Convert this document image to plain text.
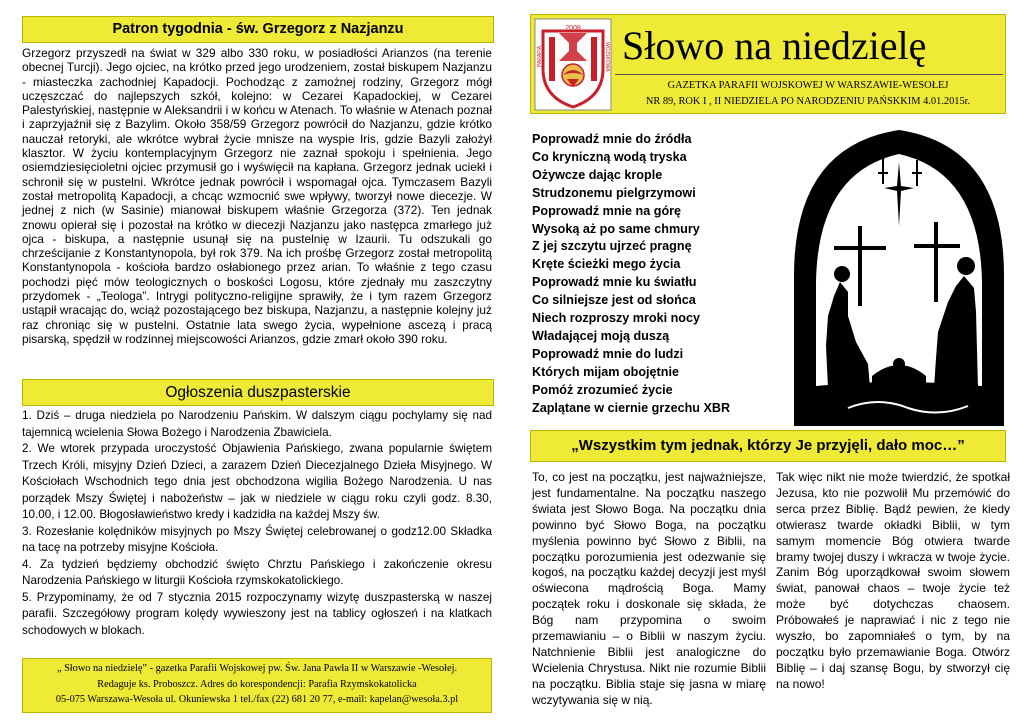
Patron tygodnia - św. Grzegorz z Nazjanzu
Grzegorz przyszedł na świat w 329 albo 330 roku, w posiadłości Arianzos (na terenie obecnej Turcji). Jego ojciec, na krótko przed jego urodzeniem, został biskupem Nazjanzu - miasteczka zachodniej Kapadocji. Pochodząc z zamożnej rodziny, Grzegorz mógł uczęszczać do najlepszych szkół, kolejno: w Cezarei Kapadockiej, w Cezarei Palestyńskiej, następnie w Aleksandrii i w końcu w Atenach. To właśnie w Atenach poznał i zaprzyjaźnił się z Bazylim. Około 358/59 Grzegorz powrócił do Nazjanzu, gdzie krótko nauczał retoryki, ale wkrótce wybrał życie mnisze na wyspie Iris, gdzie Bazyli założył klasztor. W życiu kontemplacyjnym Grzegorz nie zaznał spokoju i spełnienia. Jego osiemdziesięcioletni ojciec przymusił go i wyświęcił na kapłana. Grzegorz jednak uciekł i schronił się w pustelni. Wkrótce jednak powrócił i wspomagał ojca. Tymczasem Bazyli został metropolitą Kapadocji, a chcąc wzmocnić swe wpływy, tworzył nowe diecezje. W jednej z nich (w Sasinie) mianował biskupem właśnie Grzegorza (372). Ten jednak znowu opierał się i pozostał na krótko w diecezji Nazjanzu jako następca zmarłego już ojca - biskupa, a następnie usunął się na pustelnię w Izaurii. Tu odszukali go chrześcijanie z Konstantynopola, był rok 379. Na ich prośbę Grzegorz został metropolitą Konstantynopola - kościoła bardzo osłabionego przez arian. To właśnie z tego czasu pochodzi pięć mów teologicznych o boskości Logosu, które zjednały mu zaszczytny przydomek - „Teologa”. Intrygi polityczno-religijne sprawiły, że i tym razem Grzegorz ustąpił wracając do, wciąż pozostającego bez biskupa, Nazjanzu, a następnie kolejny już raz chroniąc się w pustelni. Ostatnie lata swego życia, wypełnione ascezą i pracą pisarską, spędził w rodzinnej miejscowości Arianzos, gdzie zmarł około 390 roku.
Ogłoszenia duszpasterskie

1. Dziś – druga niedziela po Narodzeniu Pańskim. W dalszym ciągu pochylamy się nad tajemnicą wcielenia Słowa Bożego i Narodzenia Zbawiciela.

2. We wtorek przypada uroczystość Objawienia Pańskiego, zwana popularnie świętem Trzech Króli, misyjny Dzień Dzieci, a zarazem Dzień Diecezjalnego Dzieła Misyjnego. W Kościołach Wschodnich tego dnia jest obchodzona wigilia Bożego Narodzenia. U nas porządek Mszy Świętej i nabożeństw – jak w niedziele w ciągu roku czyli godz. 8.30, 10.00, i 12.00. Błogosławieństwo kredy i kadzidła na każdej Mszy św.

3. Rozesłanie kolędników misyjnych po Mszy Świętej celebrowanej o godz12.00 Składka na tacę na potrzeby misyjne Kościoła.

4. Za tydzień będziemy obchodzić święto Chrztu Pańskiego i zakończenie okresu Narodzenia Pańskiego w liturgii Kościoła rzymskokatolickiego.

5. Przypominamy, że od 7 stycznia 2015 rozpoczynamy wizytę duszpasterską w naszej parafii. Szczegółowy program kolędy wywieszony jest na tablicy ogłoszeń i na klatkach schodowych w blokach.

„ Słowo na niedzielę” - gazetka Parafii Wojskowej pw. Św. Jana Pawła II w Warszawie -Wesołej.
Redaguje ks. Proboszcz. Adres do korespondencji: Parafia Rzymskokatolicka
05-075 Warszawa-Wesoła ul. Okuniewska 1 tel./fax (22) 681 20 77, e-mail: kapelan@wesoła.3.pl
2008
PARAFIA	WOJSKOWA Słowo na niedzielę
GAZETKA PARAFII WOJSKOWEJ W WARSZAWIE-WESOŁEJ
NR 89, ROK I , II NIEDZIELA PO NARODZENIU PAŃSKKIM 4.01.2015r.
Poprowadź mnie do źródła
Co kryniczną wodą tryska
Ożywcze dając krople
Strudzonemu pielgrzymowi
Poprowadź mnie na górę
Wysoką aż po same chmury
Z jej szczytu ujrzeć pragnę
Kręte ścieżki mego życia
Poprowadź mnie ku światłu
Co silniejsze jest od słońca
Niech rozproszy mroki nocy
Władającej moją duszą
Poprowadź mnie do ludzi
Których mijam obojętnie
Pomóż zrozumieć życie
Zaplątane w ciernie grzechu XBR
„Wszystkim tym jednak, którzy Je przyjęli, dało moc…”
To, co jest na początku, jest najważniejsze, jest fundamentalne. Na początku naszego świata jest Słowo Boga. Na początku dnia powinno być Słowo Boga, na początku myślenia powinno być Słowo z Biblii, na początku porozumienia jest odezwanie się kogoś, na początku każdej decyzji jest myśl oświecona mądrością Boga. Mamy początek roku i doskonale się składa, że Bóg nam przypomina o swoim przemawianiu – o Biblii w naszym życiu. Natchnienie Biblii jest analogiczne do Wcielenia Chrystusa. Nikt nie rozumie Biblii na początku. Biblia staje się jasna w miarę wczytywania się w nią.
Tak więc nikt nie może twierdzić, że spotkał Jezusa, kto nie pozwolił Mu przemówić do serca przez Biblię. Bądź pewien, że kiedy otwierasz twarde okładki Biblii, w tym samym momencie Bóg otwiera twarde bramy twojej duszy i wkracza w twoje życie. Zanim Bóg uporządkował swoim słowem świat, panował chaos – twoje życie też może być dotychczas chaosem. Próbowałeś je naprawiać i nic z tego nie wyszło, bo zapomniałeś o tym, by na początku było przemawianie Boga. Otwórz Biblię – i daj szansę Bogu, by stworzył cię na nowo!
